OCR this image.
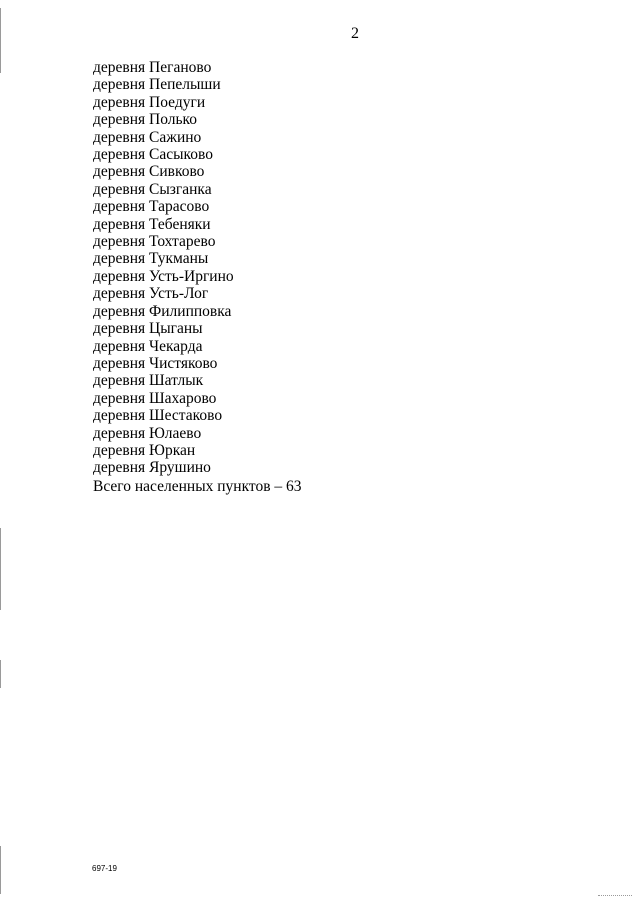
2
деревня Пеганово
деревня Пепелыши
деревня Поедуги
деревня Полько
деревня Сажино
деревня Сасыково
деревня Сивково
деревня Сызганка
деревня Тарасово
деревня Тебеняки
деревня Тохтарево
деревня Тукманы
деревня Усть-Иргино
деревня Усть-Лог
деревня Филипповка
деревня Цыганы
деревня Чекарда
деревня Чистяково
деревня Шатлык
деревня Шахарово
деревня Шестаково
деревня Юлаево
деревня Юркан
деревня Ярушино
Всего населенных пунктов – 63
697-19
